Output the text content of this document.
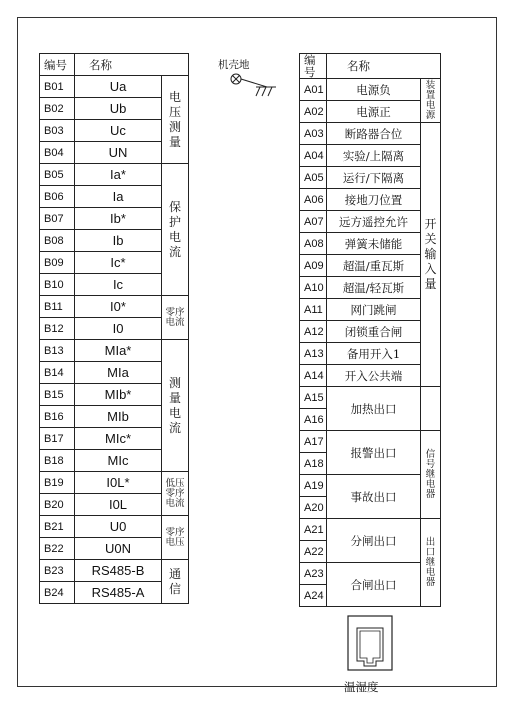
编号	名称	
B01	Ua	电压测量
B02	Ub	
B03	Uc	
B04	UN	
B05	Ia*	保护电流
B06	Ia	
B07	Ib*	
B08	Ib	
B09	Ic*	
B10	Ic	
B11	I0*	零序电流
B12	I0	
B13	MIa*	测量电流
B14	MIa	
B15	MIb*	
B16	MIb	
B17	MIc*	
B18	MIc	
B19	I0L*	低压零序电流
B20	I0L	
B21	U0	零序电压
B22	U0N	
B23	RS485-B	通信
B24	RS485-A	
机壳地	编号	名称	
A01	电源负	装置电源
A02	电源正	
A03	断路器合位	开关输入量
A04	实验/上隔离	
A05	运行/下隔离	
A06	接地刀位置	
A07	远方遥控允许	
A08	弹簧未储能	
A09	超温/重瓦斯	
A10	超温/轻瓦斯	
A11	网门跳闸	
A12	闭锁重合闸	
A13	备用开入1	
A14	开入公共端	
A15	加热出口	
A16		
A17	报警出口	信号继电器
A18		
A19	事故出口	
A20		
A21	分闸出口	出口继电器
A22		
A23	合闸出口	
A24		
温湿度
